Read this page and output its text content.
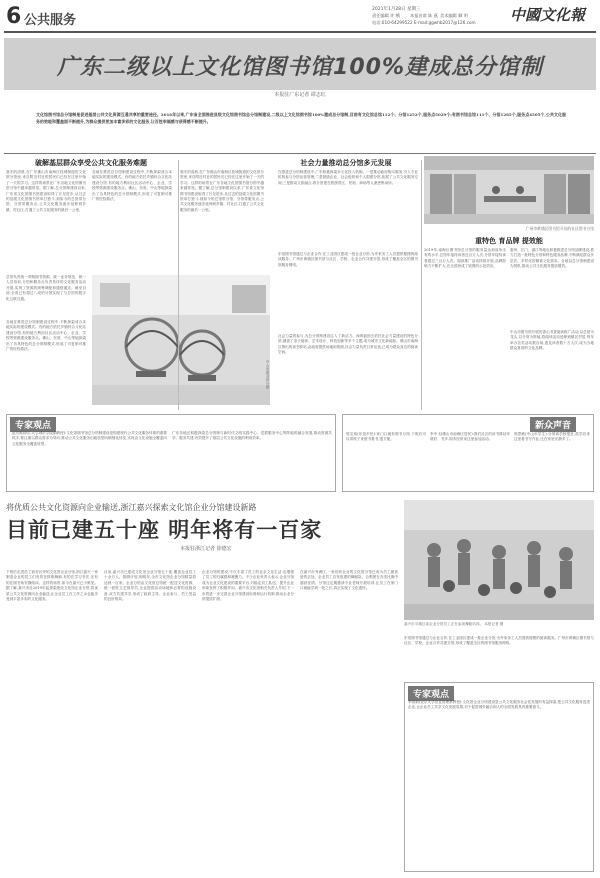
6 公共服务
2021年1月28日 星期三
责任编辑 许 峨 本报首席 陈 燕 美术编辑 卿 明
电话:010-64299522 E-mail:ggwhb2017@126.com 中國文化報
广东二级以上文化馆图书馆100%建成总分馆制
本报驻广东记者 谭志红
文化馆图书馆总分馆制是促进基层公共文化资源互通共享的重要途径。2016年以来,广东省全面推进县级文化馆图书馆总分馆制建设,二级以上文化馆图书馆100%建成总分馆制,目前有文化馆总馆112个、分馆1252个,服务点5029个;有图书馆总馆111个、分馆1285个,服务点4505个,公共文化服务的效能和覆盖面不断提升,为群众提供更加丰富多彩的文化服务,让百姓幸福感与获得感不断提升。
破解基层群众享受公共文化服务难题
寒冬的清晨,在广东佛山市南海区桂城街道的文化馆分馆里,来自附近村社的居民们已经在这里开始了一天的学习。这样的场景在广东各地文化馆图书馆分馆中越来越常见。据了解,总分馆制建设以来,广东省文化馆图书馆建设取得了长足进步,从过去的县级文化馆图书馆单打独斗,到如今的总馆带分馆、分馆带服务点,公共文化服务逐步延伸到乡镇、村社区,打通了公共文化服务的最后一公里。
各地在推进总分馆制建设过程中,不断探索适合本地实际的建设模式。有的地方依托乡镇综合文化站建设分馆,有的地方利用社区活动中心、企业、学校等资源建设服务点。佛山、东莞、中山等地探索出了各具特色的总分馆制模式,形成了可复制可推广的经验做法。
总馆负责统一采购图书资源、统一业务规范、统一人员培训,分馆和服务点负责具体的文化服务活动开展,实现了资源的统筹调配和通借通还。截至目前,全省已有超过八成的分馆实现了与总馆的数字化互联互通。
中山市图书馆分馆
各地在推进总分馆制建设过程中,不断探索适合本地实际的建设模式。有的地方依托乡镇综合文化站建设分馆,有的地方利用社区活动中心、企业、学校等资源建设服务点。佛山、东莞、中山等地探索出了各具特色的总分馆制模式,形成了可复制可推广的经验做法。
社会力量推动总分馆多元发展
寒冬的清晨,在广东佛山市南海区桂城街道的文化馆分馆里,来自附近村社的居民们已经在这里开始了一天的学习。这样的场景在广东各地文化馆图书馆分馆中越来越常见。据了解,总分馆制建设以来,广东省文化馆图书馆建设取得了长足进步,从过去的县级文化馆图书馆单打独斗,到如今的总馆带分馆、分馆带服务点,公共文化服务逐步延伸到乡镇、村社区,打通了公共文化服务的最后一公里。
在推进总分馆制建设中,广东积极探索多元化投入机制。一是推动政府购买服务,引入专业机构参与分馆运营管理;二是鼓励企业、社会组织和个人捐建分馆,拓展了公共文化服务空间;三是推动文旅融合,将分馆建在旅游景区、民宿、商场等人流密集场所。
东莞图书馆通过与企业合作,在工业园区建成一批企业分馆,为外来务工人员提供便捷的阅读服务。广州市黄埔区图书馆与社区、学校、企业合作共建分馆,形成了覆盖全区的图书馆服务网络。
社会力量的参与,为总分馆制建设注入了新活力。深圳福田区依托社会力量建设的特色分馆,涵盖了亲子阅读、艺术设计、科技创新等多个主题,成为城市文化新地标。佛山市南海区推出的读书驿站,由政府提供场地和资源,社会力量负责日常运营,已成为群众身边的阅读空间。
广州市黄埔区图书馆开设的社区图书分馆
重特色 育品牌 提效能
2019年,南海区图书馆总分馆的服务量达到前所未有的水平,总馆年接待读者近百万人次,分馆年接待读者超过三百万人次。阅读推广活动持续开展,品牌影响力不断扩大,在全国形成了较强的示范效应。
惠州、江门、湛江等地也积极推进总分馆品牌建设,着力打造一批特色分馆和特色服务品牌,不断满足群众多层次、多样化的精神文化需求。各地以总分馆制建设为契机,推动公共文化服务提质增效。
中山市图书馆开展的香山书香阅读推广活动,以总馆为龙头,以分馆为阵地,将阅读活动延伸到镇区村居,每年举办各类活动数百场,惠及读者数十万人次,成为当地群众喜爱的文化品牌。
专家观点
赵宗熙(浙江大学城市学院副教授):文化馆图书馆总分馆制建设是构建现代公共文化服务体系的重要抓手,要注重以群众需求为导向,推动公共文化服务由粗放型向精细化转变,实现由文化设施全覆盖向文化服务全覆盖转型。
广东各地还积极探索总分馆制与新时代文明实践中心、党群服务中心等阵地的融合发展,推动资源共享、服务共建,有效提升了基层公共文化设施的利用效率。
新众声音
郭宝伟(东莞市民):家门口就有图书分馆,下班后可以带孩子来借书看书,很方便。
李中飞(佛山市南海区居民):我们社区的读书驿站环境好、书多,周末经常来这里参加活动。
郭思敏(中山市学生):分馆离学校很近,放学后来这里看书写作业,比在家里安静多了。
将优质公共文化资源向企业输送,浙江嘉兴探索文化馆企业分馆建设新路
目前已建五十座 明年将有一百家
本报驻浙江记者 徐德宏
嘉兴市平湖区某企业分馆员工正在参加舞蹈培训。 本报记者 摄
下班后走进员工宿舍区旁的文化馆企业分馆,浙江嘉兴一家制造企业的员工们有的在排练舞蹈,有的在学习书法,还有的在图书角安静阅读。这样的场景,如今在嘉兴已不鲜见。据了解,嘉兴市自2019年起探索建设文化馆企业分馆,将优质公共文化资源向企业输送,让企业员工在工作之余也能享受到丰富多彩的文化服务。
目前,嘉兴市已建成文化馆企业分馆五十座,覆盖企业员工十余万人。按照计划,到明年,全市文化馆企业分馆数量将达到一百家。企业分馆由文化馆总馆统一配送文化资源、统一派驻文艺指导员,企业提供活动场地和必要的设施设备,双方共建共享,形成了政府主导、企业参与、员工受益的良好格局。
企业分馆的建设,不仅丰富了员工的业余文化生活,也增强了员工的归属感和凝聚力。不少企业负责人表示,企业分馆成为企业文化建设的重要平台,对稳定员工队伍、提升企业形象发挥了积极作用。嘉兴市文化馆相关负责人介绍,下一步将进一步完善企业分馆建设标准和运行机制,推动企业分馆提质扩面。
在嘉兴市秀洲区,一家纺织企业的文化馆分馆已成为员工最喜爱的去处。企业员工自发组建的舞蹈队、合唱团在各类比赛中屡获佳绩。分馆还定期邀请专业老师开展培训,让员工在家门口就能学到一技之长,真正实现了文化惠民。
东莞图书馆通过与企业合作,在工业园区建成一批企业分馆,为外来务工人员提供便捷的阅读服务。广州市黄埔区图书馆与社区、学校、企业合作共建分馆,形成了覆盖全区的图书馆服务网络。
专家观点
李国新(北京大学信息管理系教授):文化馆企业分馆建设是公共文化服务社会化发展的有益探索,把公共文化服务送进企业,让企业员工共享文化发展成果,对于促进城乡融合和人的全面发展具有重要意义。
